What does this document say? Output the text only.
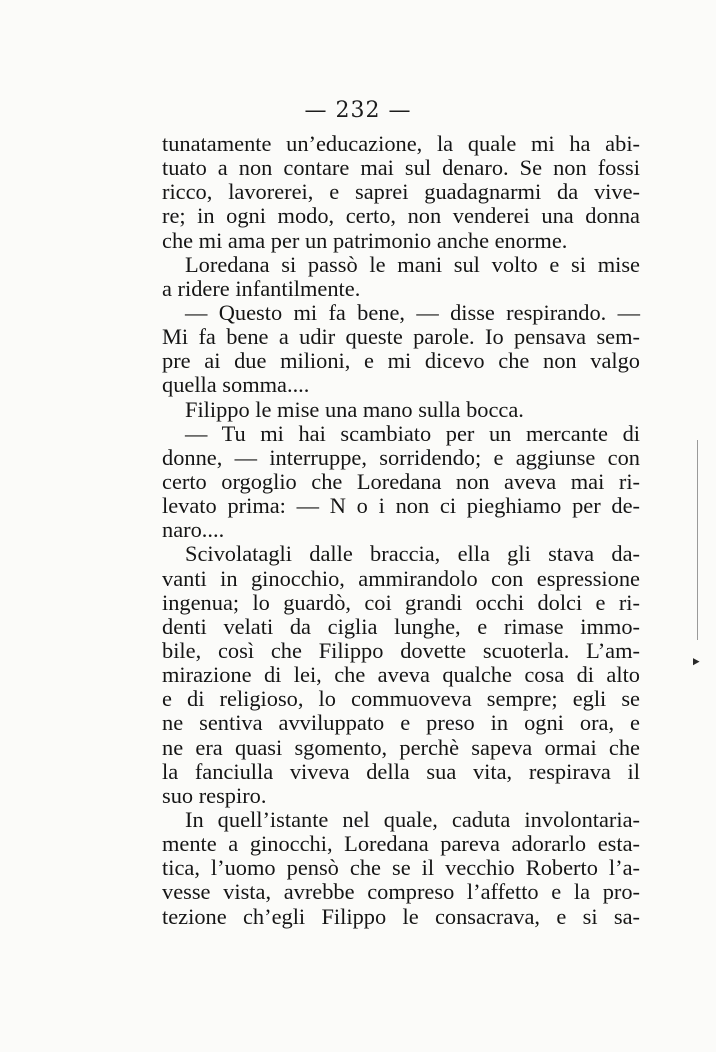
— 232 —
tunatamente un’educazione, la quale mi ha abi-
tuato a non contare mai sul denaro. Se non fossi
ricco, lavorerei, e saprei guadagnarmi da vive-
re; in ogni modo, certo, non venderei una donna
che mi ama per un patrimonio anche enorme.
Loredana si passò le mani sul volto e si mise
a ridere infantilmente.
— Questo mi fa bene, — disse respirando. —
Mi fa bene a udir queste parole. Io pensava sem-
pre ai due milioni, e mi dicevo che non valgo
quella somma....
Filippo le mise una mano sulla bocca.
— Tu mi hai scambiato per un mercante di
donne, — interruppe, sorridendo; e aggiunse con
certo orgoglio che Loredana non aveva mai ri-
levato prima: — N o i non ci pieghiamo per de-
naro....
Scivolatagli dalle braccia, ella gli stava da-
vanti in ginocchio, ammirandolo con espressione
ingenua; lo guardò, coi grandi occhi dolci e ri-
denti velati da ciglia lunghe, e rimase immo-
bile, così che Filippo dovette scuoterla. L’am-
mirazione di lei, che aveva qualche cosa di alto
e di religioso, lo commuoveva sempre; egli se
ne sentiva avviluppato e preso in ogni ora, e
ne era quasi sgomento, perchè sapeva ormai che
la fanciulla viveva della sua vita, respirava il
suo respiro.
In quell’istante nel quale, caduta involontaria-
mente a ginocchi, Loredana pareva adorarlo esta-
tica, l’uomo pensò che se il vecchio Roberto l’a-
vesse vista, avrebbe compreso l’affetto e la pro-
tezione ch’egli Filippo le consacrava, e si sa-
‣
